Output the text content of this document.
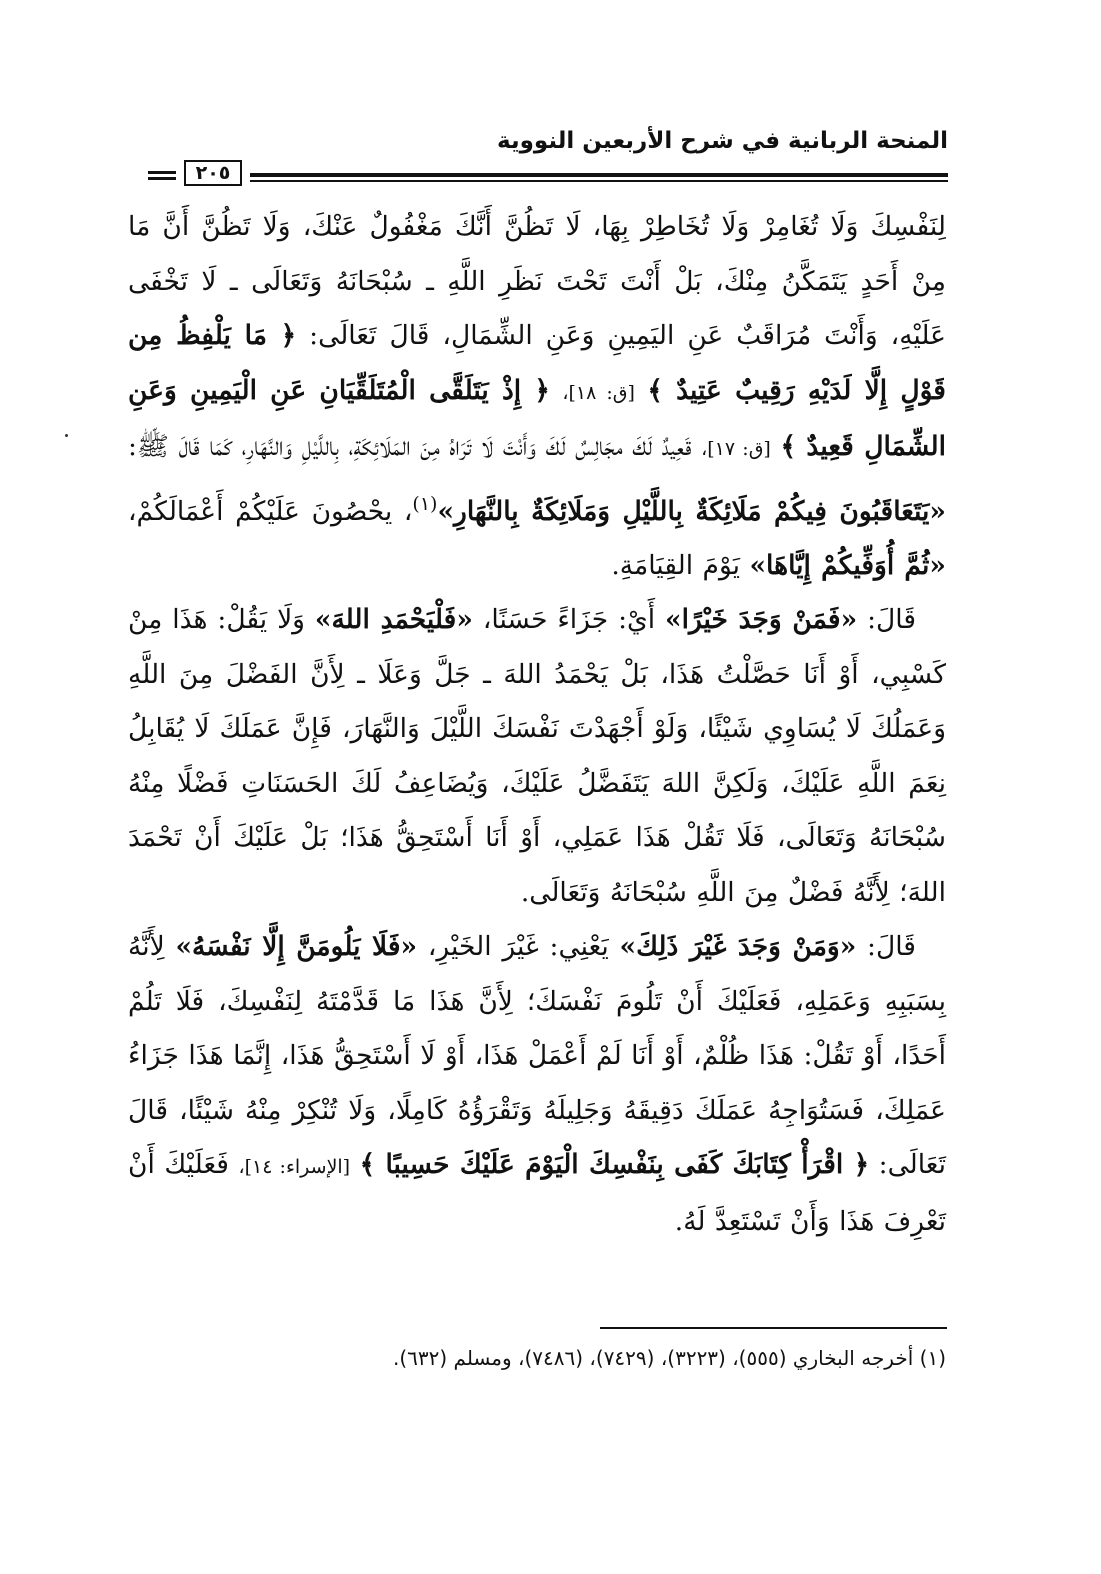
المنحة الربانية في شرح الأربعين النووية
٢٠٥

لِنَفْسِكَ وَلَا تُغَامِرْ وَلَا تُخَاطِرْ بِهَا، لَا تَظُنَّ أَنَّكَ مَغْفُولٌ عَنْكَ، وَلَا تَظُنَّ أَنَّ مَا مِنْ أَحَدٍ يَتَمَكَّنُ مِنْكَ، بَلْ أَنْتَ تَحْتَ نَظَرِ اللَّهِ ـ سُبْحَانَهُ وَتَعَالَى ـ لَا تَخْفَى عَلَيْهِ، وَأَنْتَ مُرَاقَبٌ عَنِ اليَمِينِ وَعَنِ الشِّمَالِ، قَالَ تَعَالَى: ﴿ مَا يَلْفِظُ مِن قَوْلٍ إِلَّا لَدَيْهِ رَقِيبٌ عَتِيدٌ ﴾ [ق: ١٨]، ﴿ إِذْ يَتَلَقَّى الْمُتَلَقِّيَانِ عَنِ الْيَمِينِ وَعَنِ الشِّمَالِ قَعِيدٌ ﴾ [ق: ١٧]، قَعِيدٌ لَكَ مجَالِسٌ لَكَ وَأَنْتَ لَا تَرَاهُ مِنَ المَلَائِكَةِ، بِاللَّيْلِ وَالنَّهَارِ، كَمَا قَالَ ﷺ: «يَتَعَاقَبُونَ فِيكُمْ مَلَائِكَةٌ بِاللَّيْلِ وَمَلَائِكَةٌ بِالنَّهَارِ»$^{(١)}$، يحْصُونَ عَلَيْكُمْ أَعْمَالَكُمْ، «ثُمَّ أُوَفِّيكُمْ إِيَّاهَا» يَوْمَ القِيَامَةِ.

قَالَ: «فَمَنْ وَجَدَ خَيْرًا» أَيْ: جَزَاءً حَسَنًا، «فَلْيَحْمَدِ اللهَ» وَلَا يَقُلْ: هَذَا مِنْ كَسْبِي، أَوْ أَنَا حَصَّلْتُ هَذَا، بَلْ يَحْمَدُ اللهَ ـ جَلَّ وَعَلَا ـ لِأَنَّ الفَضْلَ مِنَ اللَّهِ وَعَمَلُكَ لَا يُسَاوِي شَيْئًا، وَلَوْ أَجْهَدْتَ نَفْسَكَ اللَّيْلَ وَالنَّهَارَ، فَإِنَّ عَمَلَكَ لَا يُقَابِلُ نِعَمَ اللَّهِ عَلَيْكَ، وَلَكِنَّ اللهَ يَتَفَضَّلُ عَلَيْكَ، وَيُضَاعِفُ لَكَ الحَسَنَاتِ فَضْلًا مِنْهُ سُبْحَانَهُ وَتَعَالَى، فَلَا تَقُلْ هَذَا عَمَلِي، أَوْ أَنَا أَسْتَحِقُّ هَذَا؛ بَلْ عَلَيْكَ أَنْ تَحْمَدَ اللهَ؛ لِأَنَّهُ فَضْلٌ مِنَ اللَّهِ سُبْحَانَهُ وَتَعَالَى.

قَالَ: «وَمَنْ وَجَدَ غَيْرَ ذَلِكَ» يَعْنِي: غَيْرَ الخَيْرِ، «فَلَا يَلُومَنَّ إِلَّا نَفْسَهُ» لِأَنَّهُ بِسَبَبِهِ وَعَمَلِهِ، فَعَلَيْكَ أَنْ تَلُومَ نَفْسَكَ؛ لِأَنَّ هَذَا مَا قَدَّمْتَهُ لِنَفْسِكَ، فَلَا تَلُمْ أَحَدًا، أَوْ تَقُلْ: هَذَا ظُلْمٌ، أَوْ أَنَا لَمْ أَعْمَلْ هَذَا، أَوْ لَا أَسْتَحِقُّ هَذَا، إِنَّمَا هَذَا جَزَاءُ عَمَلِكَ، فَسَتُوَاجِهُ عَمَلَكَ دَقِيقَهُ وَجَلِيلَهُ وَتَقْرَؤُهُ كَامِلًا، وَلَا تُنْكِرْ مِنْهُ شَيْئًا، قَالَ تَعَالَى: ﴿ اقْرَأْ كِتَابَكَ كَفَى بِنَفْسِكَ الْيَوْمَ عَلَيْكَ حَسِيبًا ﴾ [الإسراء: ١٤]، فَعَلَيْكَ أَنْ تَعْرِفَ هَذَا وَأَنْ تَسْتَعِدَّ لَهُ.

(١) أخرجه البخاري (٥٥٥)، (٣٢٢٣)، (٧٤٢٩)، (٧٤٨٦)، ومسلم (٦٣٢).
